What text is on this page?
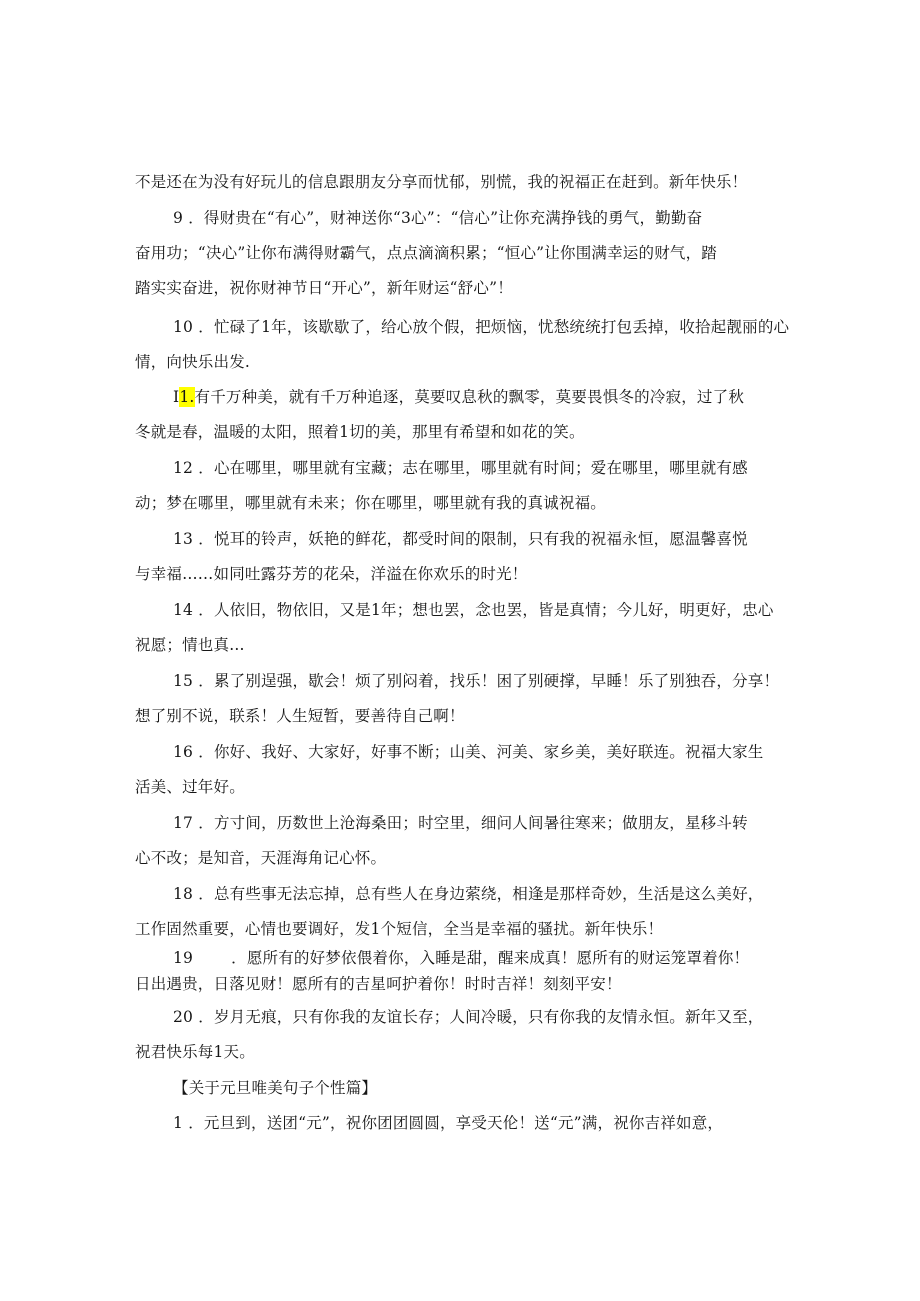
不是还在为没有好玩儿的信息跟朋友分享而忧郁，别慌，我的祝福正在赶到。新年快乐！
9 ．得财贵在“有心”，财神送你“3心”：“信心”让你充满挣钱的勇气，勤勤奋
奋用功；“决心”让你布满得财霸气，点点滴滴积累；“恒心”让你围满幸运的财气，踏
踏实实奋进，祝你财神节日“开心”，新年财运“舒心”！
10 ．忙碌了1年，该歇歇了，给心放个假，把烦恼，忧愁统统打包丢掉，收拾起靓丽的心
情，向快乐出发.
I1.有千万种美，就有千万种追逐，莫要叹息秋的飘零，莫要畏惧冬的冷寂，过了秋
冬就是春，温暖的太阳，照着1切的美，那里有希望和如花的笑。
12 ．心在哪里，哪里就有宝藏；志在哪里，哪里就有时间；爱在哪里，哪里就有感
动；梦在哪里，哪里就有未来；你在哪里，哪里就有我的真诚祝福。
13 ．悦耳的铃声，妖艳的鲜花，都受时间的限制，只有我的祝福永恒，愿温馨喜悦
与幸福……如同吐露芬芳的花朵，洋溢在你欢乐的时光！
14 ．人依旧，物依旧，又是1年；想也罢，念也罢，皆是真情；今儿好，明更好，忠心
祝愿；情也真...
15 ．累了别逞强，歇会！烦了别闷着，找乐！困了别硬撑，早睡！乐了别独吞，分享！
想了别不说，联系！人生短暂，要善待自己啊！
16 ．你好、我好、大家好，好事不断；山美、河美、家乡美，美好联连。祝福大家生
活美、过年好。
17 ．方寸间，历数世上沧海桑田；时空里，细问人间暑往寒来；做朋友，星移斗转
心不改；是知音，天涯海角记心怀。
18 ．总有些事无法忘掉，总有些人在身边萦绕，相逢是那样奇妙，生活是这么美好，
工作固然重要，心情也要调好，发1个短信，全当是幸福的骚扰。新年快乐！
19 ．愿所有的好梦依偎着你，入睡是甜，醒来成真！愿所有的财运笼罩着你！
日出遇贵，日落见财！愿所有的吉星呵护着你！时时吉祥！刻刻平安！
20 ．岁月无痕，只有你我的友谊长存；人间冷暖，只有你我的友情永恒。新年又至，
祝君快乐每1天。
【关于元旦唯美句子个性篇】
1 ．元旦到，送团“元”，祝你团团圆圆，享受天伦！送“元”满，祝你吉祥如意，
